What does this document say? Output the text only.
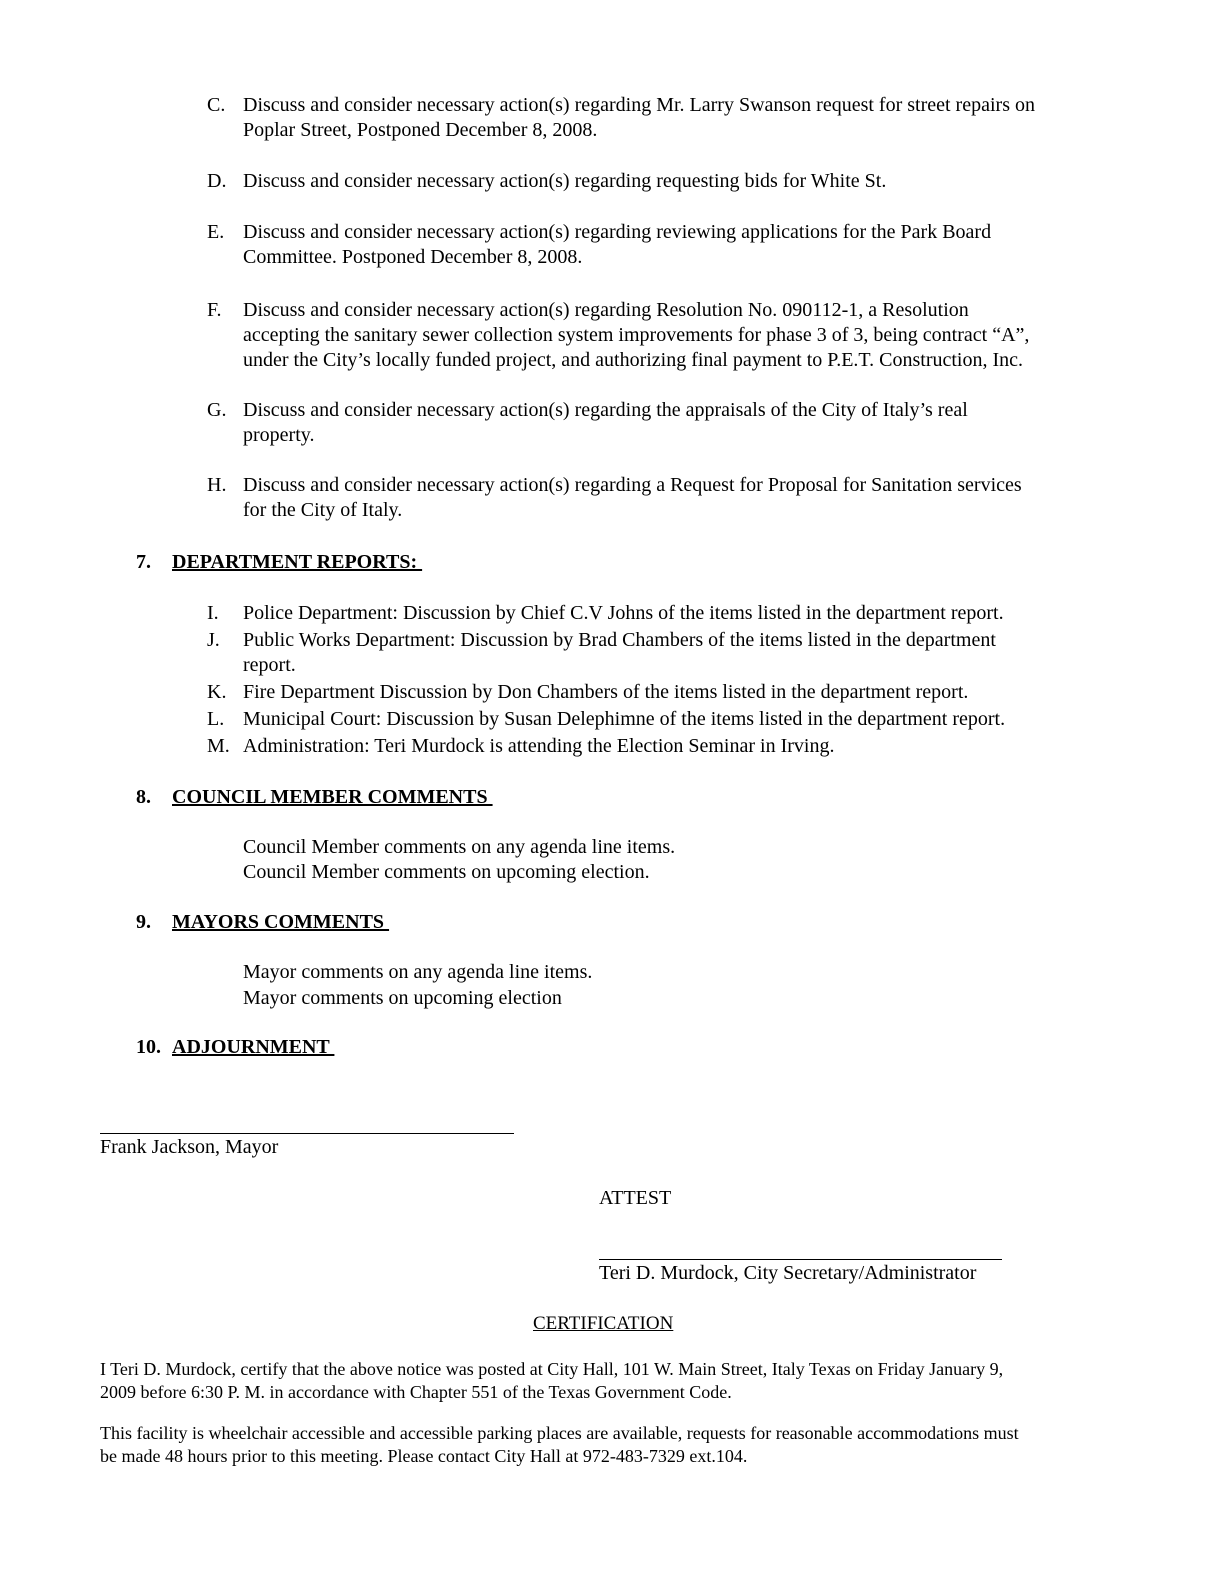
C. Discuss and consider necessary action(s) regarding Mr. Larry Swanson request for street repairs on
Poplar Street, Postponed December 8, 2008.
D. Discuss and consider necessary action(s) regarding requesting bids for White St.
E. Discuss and consider necessary action(s) regarding reviewing applications for the Park Board
Committee. Postponed December 8, 2008.
F. Discuss and consider necessary action(s) regarding Resolution No. 090112-1, a Resolution
accepting the sanitary sewer collection system improvements for phase 3 of 3, being contract “A”,
under the City’s locally funded project, and authorizing final payment to P.E.T. Construction, Inc.
G. Discuss and consider necessary action(s) regarding the appraisals of the City of Italy’s real
property.
H. Discuss and consider necessary action(s) regarding a Request for Proposal for Sanitation services
for the City of Italy.
7. DEPARTMENT REPORTS:
I. Police Department: Discussion by Chief C.V Johns of the items listed in the department report.
J. Public Works Department: Discussion by Brad Chambers of the items listed in the department
report.
K. Fire Department Discussion by Don Chambers of the items listed in the department report.
L. Municipal Court: Discussion by Susan Delephimne of the items listed in the department report.
M. Administration: Teri Murdock is attending the Election Seminar in Irving.
8. COUNCIL MEMBER COMMENTS
Council Member comments on any agenda line items.
Council Member comments on upcoming election.
9. MAYORS COMMENTS
Mayor comments on any agenda line items.
Mayor comments on upcoming election
10. ADJOURNMENT
Frank Jackson, Mayor
ATTEST
Teri D. Murdock, City Secretary/Administrator
CERTIFICATION
I Teri D. Murdock, certify that the above notice was posted at City Hall, 101 W. Main Street, Italy Texas on Friday January 9,
2009 before 6:30 P. M. in accordance with Chapter 551 of the Texas Government Code.
This facility is wheelchair accessible and accessible parking places are available, requests for reasonable accommodations must
be made 48 hours prior to this meeting. Please contact City Hall at 972-483-7329 ext.104.
